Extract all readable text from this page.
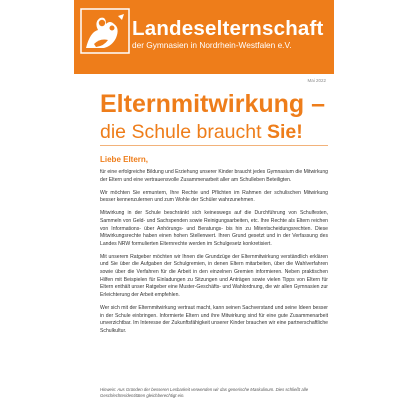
Landeselternschaft
der Gymnasien in Nordrhein-Westfalen e.V.
Mai 2022
Elternmitwirkung –
die Schule braucht Sie!
Liebe Eltern,

für eine erfolgreiche Bildung und Erziehung unserer Kinder braucht jedes Gymnasium die Mitwirkung der Eltern und eine vertrauensvolle Zusammenarbeit aller am Schulleben Beteiligten.

Wir möchten Sie ermuntern, Ihre Rechte und Pflichten im Rahmen der schulischen Mitwirkung besser kennenzulernen und zum Wohle der Schüler wahrzunehmen.

Mitwirkung in der Schule beschränkt sich keineswegs auf die Durchführung von Schulfesten, Sammeln von Geld- und Sachspenden sowie Reinigungsarbeiten, etc. Ihre Rechte als Eltern reichen von Informations- über Anhörungs- und Beratungs- bis hin zu Mitentscheidungsrechten. Diese Mitwirkungsrechte haben einen hohen Stellenwert. Ihren Grund gesetzt und in der Verfassung des Landes NRW formulierten Elternrechte werden im Schulgesetz konkretisiert.

Mit unserem Ratgeber möchten wir Ihnen die Grundzüge der Elternmitwirkung verständlich erklären und Sie über die Aufgaben der Schulgremien, in denen Eltern mitarbeiten, über die Wahlverfahren sowie über die Verfahren für die Arbeit in den einzelnen Gremien informieren. Neben praktischen Hilfen mit Beispielen für Einladungen zu Sitzungen und Anträgen sowie vielen Tipps von Eltern für Eltern enthält unser Ratgeber eine Muster-Geschäfts- und Wahlordnung, die wir allen Gymnasien zur Erleichterung der Arbeit empfehlen.

Wer sich mit der Elternmitwirkung vertraut macht, kann seinen Sachverstand und seine Ideen besser in der Schule einbringen. Informierte Eltern und ihre Mitwirkung sind für eine gute Zusammenarbeit unverzichtbar. Im Interesse der Zukunftsfähigkeit unserer Kinder brauchen wir eine partnerschaftliche Schulkultur.

Hinweis: Aus Gründen der besseren Lesbarkeit verwenden wir das generische Maskulinum. Dies schließt alle Geschlechteridentitäten gleichberechtigt ein.
